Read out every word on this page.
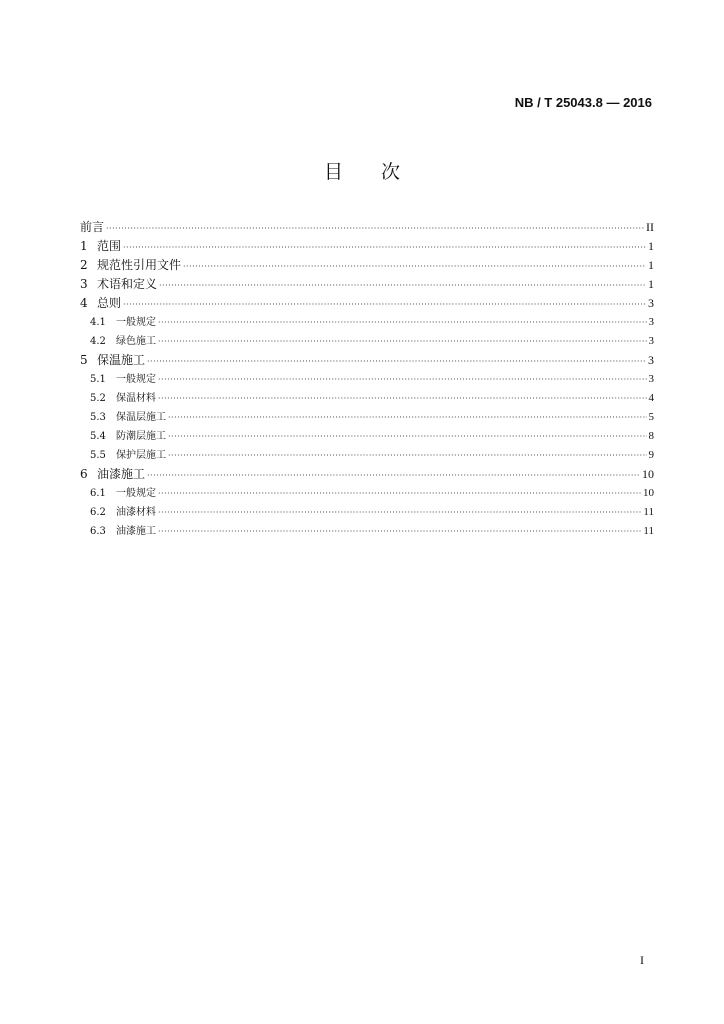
NB / T 25043.8 — 2016
目 次
前言 ·····	II
1 范围 ·····	1
2 规范性引用文件 ·····	1
3 术语和定义 ·····	1
4 总则 ·····	3
4.1	一般规定 ·····	3
4.2	绿色施工 ·····	3
5 保温施工 ·····	3
5.1	一般规定 ·····	3
5.2	保温材料 ·····	4
5.3	保温层施工 ·····	5
5.4	防潮层施工 ·····	8
5.5	保护层施工 ·····	9
6 油漆施工 ·····	10
6.1	一般规定 ·····	10
6.2	油漆材料 ·····	11
6.3	油漆施工 ·····	11
I
